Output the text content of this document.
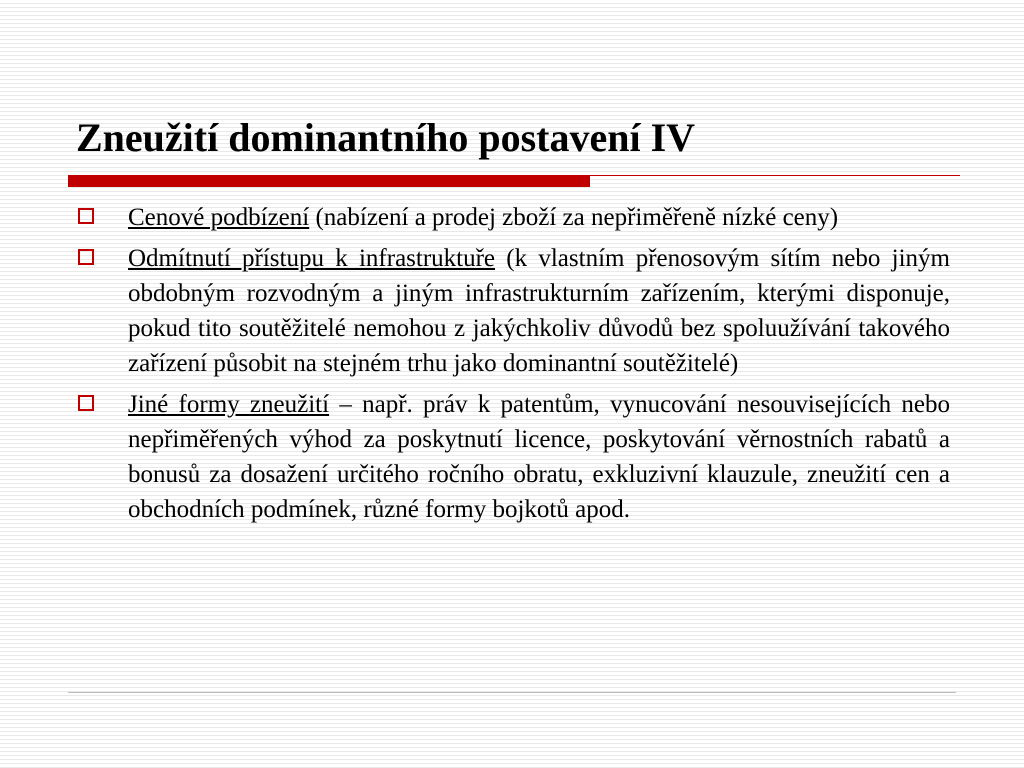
Zneužití dominantního postavení IV
Cenové podbízení (nabízení a prodej zboží za nepřiměřeně nízké ceny)
Odmítnutí přístupu k infrastruktuře (k vlastním přenosovým sítím nebo jiným obdobným rozvodným a jiným infrastrukturním zařízením, kterými disponuje, pokud tito soutěžitelé nemohou z jakýchkoliv důvodů bez spoluužívání takového zařízení působit na stejném trhu jako dominantní soutěžitelé)
Jiné formy zneužití – např. práv k patentům, vynucování nesouvisejících nebo nepřiměřených výhod za poskytnutí licence, poskytování věrnostních rabatů a bonusů za dosažení určitého ročního obratu, exkluzivní klauzule, zneužití cen a obchodních podmínek, různé formy bojkotů apod.
